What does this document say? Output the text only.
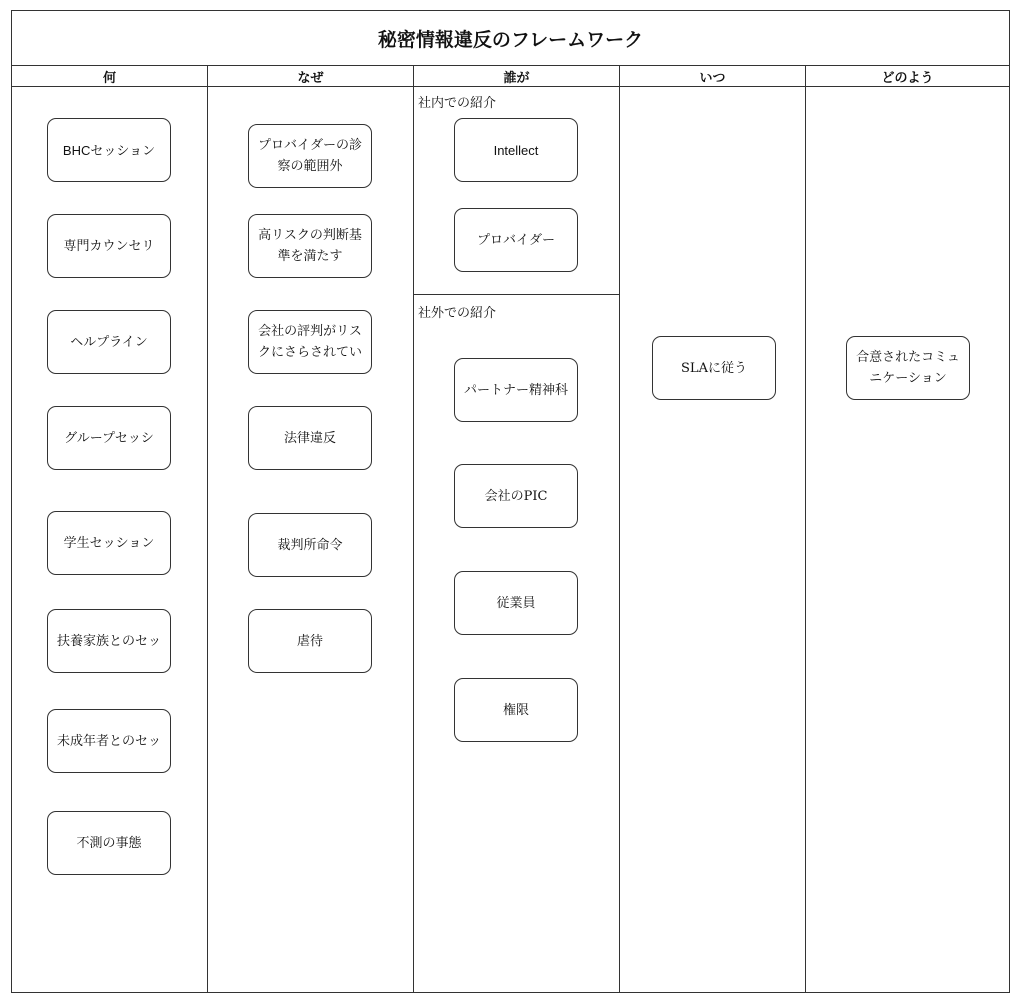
秘密情報違反のフレームワーク
何	なぜ	誰が	いつ	どのよう
BHCセッション
専門カウンセリ
ヘルプライン
グループセッシ
学生セッション
扶養家族とのセッ
未成年者とのセッ
不測の事態
プロバイダーの診察の範囲外
高リスクの判断基準を満たす
会社の評判がリスクにさらされてい
法律違反
裁判所命令
虐待
社内での紹介
Intellect
プロバイダー
社外での紹介
パートナー精神科
会社のPIC
従業員
権限
SLAに従う
合意されたコミュニケーション
